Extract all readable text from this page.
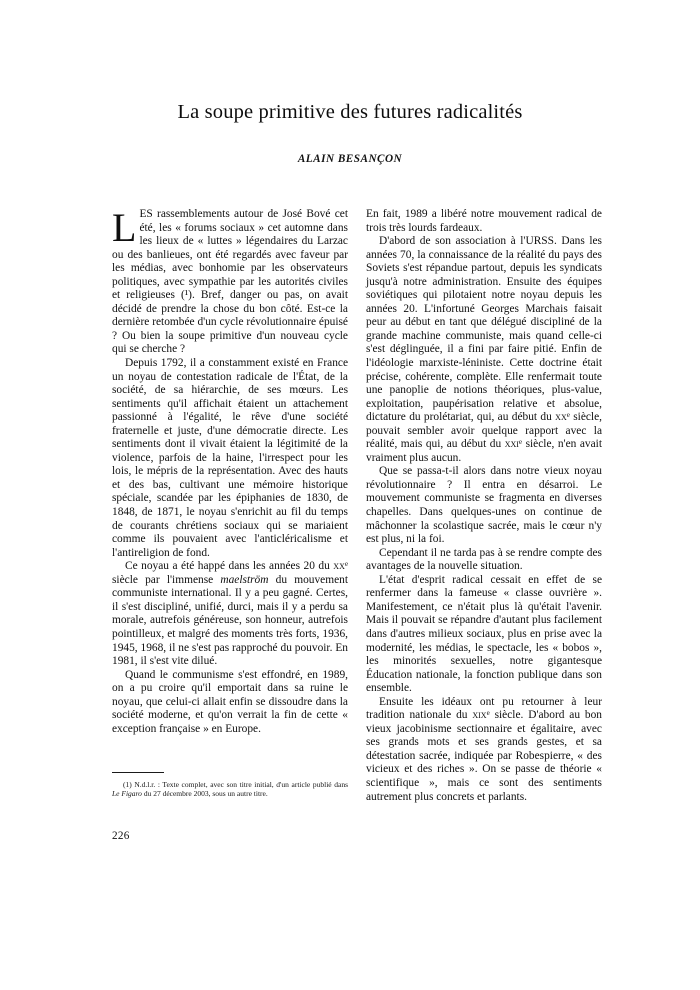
La soupe primitive des futures radicalités
ALAIN BESANÇON

LES rassemblements autour de José Bové cet été, les « forums sociaux » cet automne dans les lieux de « luttes » légendaires du Larzac ou des banlieues, ont été regardés avec faveur par les médias, avec bonhomie par les observateurs politiques, avec sympathie par les autorités civiles et religieuses (¹). Bref, danger ou pas, on avait décidé de prendre la chose du bon côté. Est-ce la dernière retombée d'un cycle révolutionnaire épuisé ? Ou bien la soupe primitive d'un nouveau cycle qui se cherche ?

Depuis 1792, il a constamment existé en France un noyau de contestation radicale de l'État, de la société, de sa hiérarchie, de ses mœurs. Les sentiments qu'il affichait étaient un attachement passionné à l'égalité, le rêve d'une société fraternelle et juste, d'une démocratie directe. Les sentiments dont il vivait étaient la légitimité de la violence, parfois de la haine, l'irrespect pour les lois, le mépris de la représentation. Avec des hauts et des bas, cultivant une mémoire historique spéciale, scandée par les épiphanies de 1830, de 1848, de 1871, le noyau s'enrichit au fil du temps de courants chrétiens sociaux qui se mariaient comme ils pouvaient avec l'anticléricalisme et l'antireligion de fond.

Ce noyau a été happé dans les années 20 du $xx^e$ siècle par l'immense maelström du mouvement communiste international. Il y a peu gagné. Certes, il s'est discipliné, unifié, durci, mais il y a perdu sa morale, autrefois généreuse, son honneur, autrefois pointilleux, et malgré des moments très forts, 1936, 1945, 1968, il ne s'est pas rapproché du pouvoir. En 1981, il s'est vite dilué.

Quand le communisme s'est effondré, en 1989, on a pu croire qu'il emportait dans sa ruine le noyau, que celui-ci allait enfin se dissoudre dans la société moderne, et qu'on verrait la fin de cette « exception française » en Europe.

En fait, 1989 a libéré notre mouvement radical de trois très lourds fardeaux.

D'abord de son association à l'URSS. Dans les années 70, la connaissance de la réalité du pays des Soviets s'est répandue partout, depuis les syndicats jusqu'à notre administration. Ensuite des équipes soviétiques qui pilotaient notre noyau depuis les années 20. L'infortuné Georges Marchais faisait peur au début en tant que délégué discipliné de la grande machine communiste, mais quand celle-ci s'est déglinguée, il a fini par faire pitié. Enfin de l'idéologie marxiste-léniniste. Cette doctrine était précise, cohérente, complète. Elle renfermait toute une panoplie de notions théoriques, plus-value, exploitation, paupérisation relative et absolue, dictature du prolétariat, qui, au début du $xx^e$ siècle, pouvait sembler avoir quelque rapport avec la réalité, mais qui, au début du xxi$^e$ siècle, n'en avait vraiment plus aucun.

Que se passa-t-il alors dans notre vieux noyau révolutionnaire ? Il entra en désarroi. Le mouvement communiste se fragmenta en diverses chapelles. Dans quelques-unes on continue de mâchonner la scolastique sacrée, mais le cœur n'y est plus, ni la foi.

Cependant il ne tarda pas à se rendre compte des avantages de la nouvelle situation.

L'état d'esprit radical cessait en effet de se renfermer dans la fameuse « classe ouvrière ». Manifestement, ce n'était plus là qu'était l'avenir. Mais il pouvait se répandre d'autant plus facilement dans d'autres milieux sociaux, plus en prise avec la modernité, les médias, le spectacle, les « bobos », les minorités sexuelles, notre gigantesque Éducation nationale, la fonction publique dans son ensemble.

Ensuite les idéaux ont pu retourner à leur tradition nationale du xix$^e$ siècle. D'abord au bon vieux jacobinisme sectionnaire et égalitaire, avec ses grands mots et ses grands gestes, et sa détestation sacrée, indiquée par Robespierre, « des vicieux et des riches ». On se passe de théorie « scientifique », mais ce sont des sentiments autrement plus concrets et parlants.

(1) N.d.l.r. : Texte complet, avec son titre initial, d'un article publié dans Le Figaro du 27 décembre 2003, sous un autre titre.

226
